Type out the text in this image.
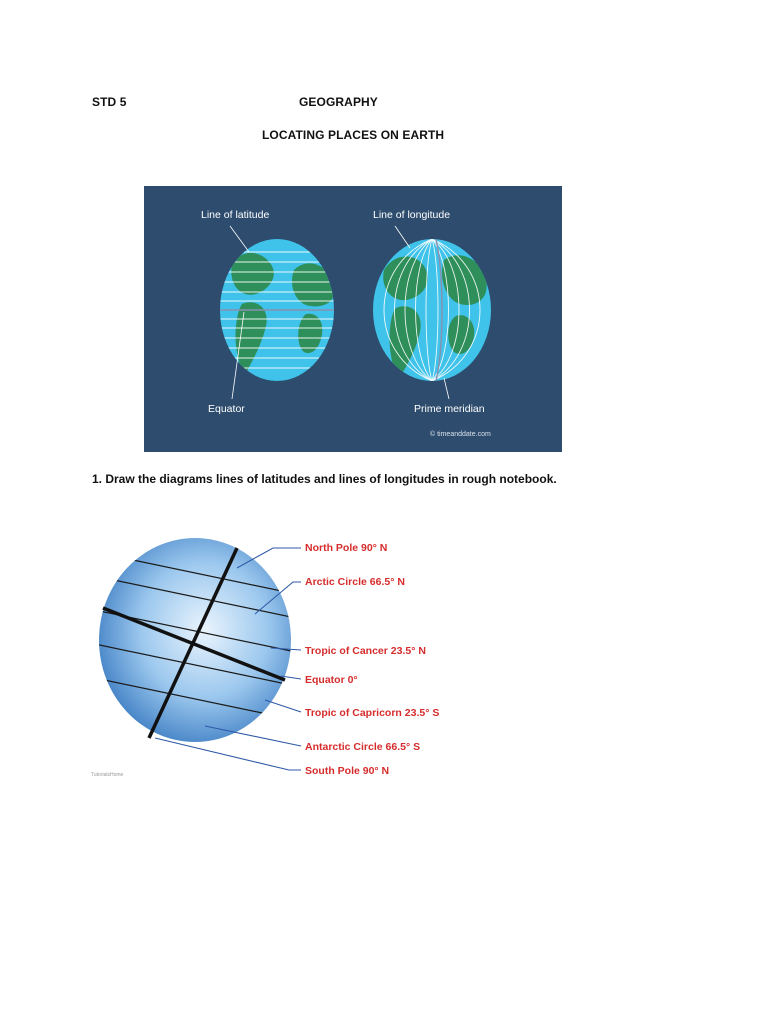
STD 5	GEOGRAPHY
LOCATING PLACES ON EARTH
Line of latitude
Equator
Line of longitude
Prime meridian
© timeanddate.com
1. Draw the diagrams lines of latitudes and lines of longitudes in rough notebook.
North Pole 90° N
Arctic Circle 66.5° N
Tropic of Cancer 23.5° N
Equator 0°
Tropic of Capricorn 23.5° S
Antarctic Circle 66.5° S
South Pole 90° N
TutorialsHome
